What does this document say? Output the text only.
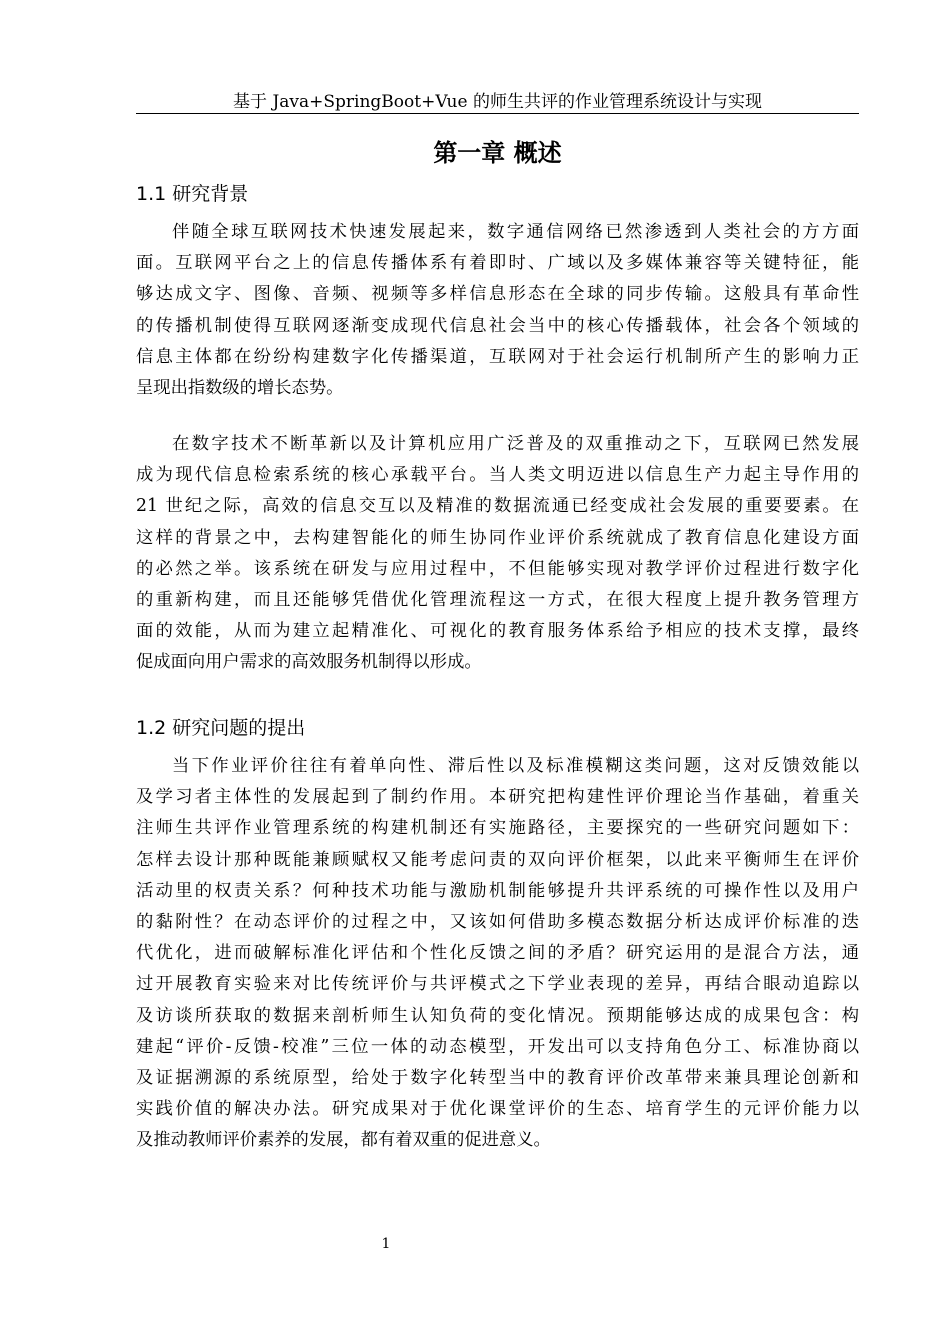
基于 Java+SpringBoot+Vue 的师生共评的作业管理系统设计与实现
第一章 概述
1.1 研究背景
伴随全球互联网技术快速发展起来，数字通信网络已然渗透到人类社会的方方面
面。互联网平台之上的信息传播体系有着即时、广域以及多媒体兼容等关键特征，能
够达成文字、图像、音频、视频等多样信息形态在全球的同步传输。这般具有革命性
的传播机制使得互联网逐渐变成现代信息社会当中的核心传播载体，社会各个领域的
信息主体都在纷纷构建数字化传播渠道，互联网对于社会运行机制所产生的影响力正
呈现出指数级的增长态势。
在数字技术不断革新以及计算机应用广泛普及的双重推动之下，互联网已然发展
成为现代信息检索系统的核心承载平台。当人类文明迈进以信息生产力起主导作用的
21 世纪之际，高效的信息交互以及精准的数据流通已经变成社会发展的重要要素。在
这样的背景之中，去构建智能化的师生协同作业评价系统就成了教育信息化建设方面
的必然之举。该系统在研发与应用过程中，不但能够实现对教学评价过程进行数字化
的重新构建，而且还能够凭借优化管理流程这一方式，在很大程度上提升教务管理方
面的效能，从而为建立起精准化、可视化的教育服务体系给予相应的技术支撑，最终
促成面向用户需求的高效服务机制得以形成。
1.2 研究问题的提出
当下作业评价往往有着单向性、滞后性以及标准模糊这类问题，这对反馈效能以
及学习者主体性的发展起到了制约作用。本研究把构建性评价理论当作基础，着重关
注师生共评作业管理系统的构建机制还有实施路径，主要探究的一些研究问题如下：
怎样去设计那种既能兼顾赋权又能考虑问责的双向评价框架，以此来平衡师生在评价
活动里的权责关系？何种技术功能与激励机制能够提升共评系统的可操作性以及用户
的黏附性？在动态评价的过程之中，又该如何借助多模态数据分析达成评价标准的迭
代优化，进而破解标准化评估和个性化反馈之间的矛盾？研究运用的是混合方法，通
过开展教育实验来对比传统评价与共评模式之下学业表现的差异，再结合眼动追踪以
及访谈所获取的数据来剖析师生认知负荷的变化情况。预期能够达成的成果包含：构
建起“评价-反馈-校准”三位一体的动态模型，开发出可以支持角色分工、标准协商以
及证据溯源的系统原型，给处于数字化转型当中的教育评价改革带来兼具理论创新和
实践价值的解决办法。研究成果对于优化课堂评价的生态、培育学生的元评价能力以
及推动教师评价素养的发展，都有着双重的促进意义。
1
